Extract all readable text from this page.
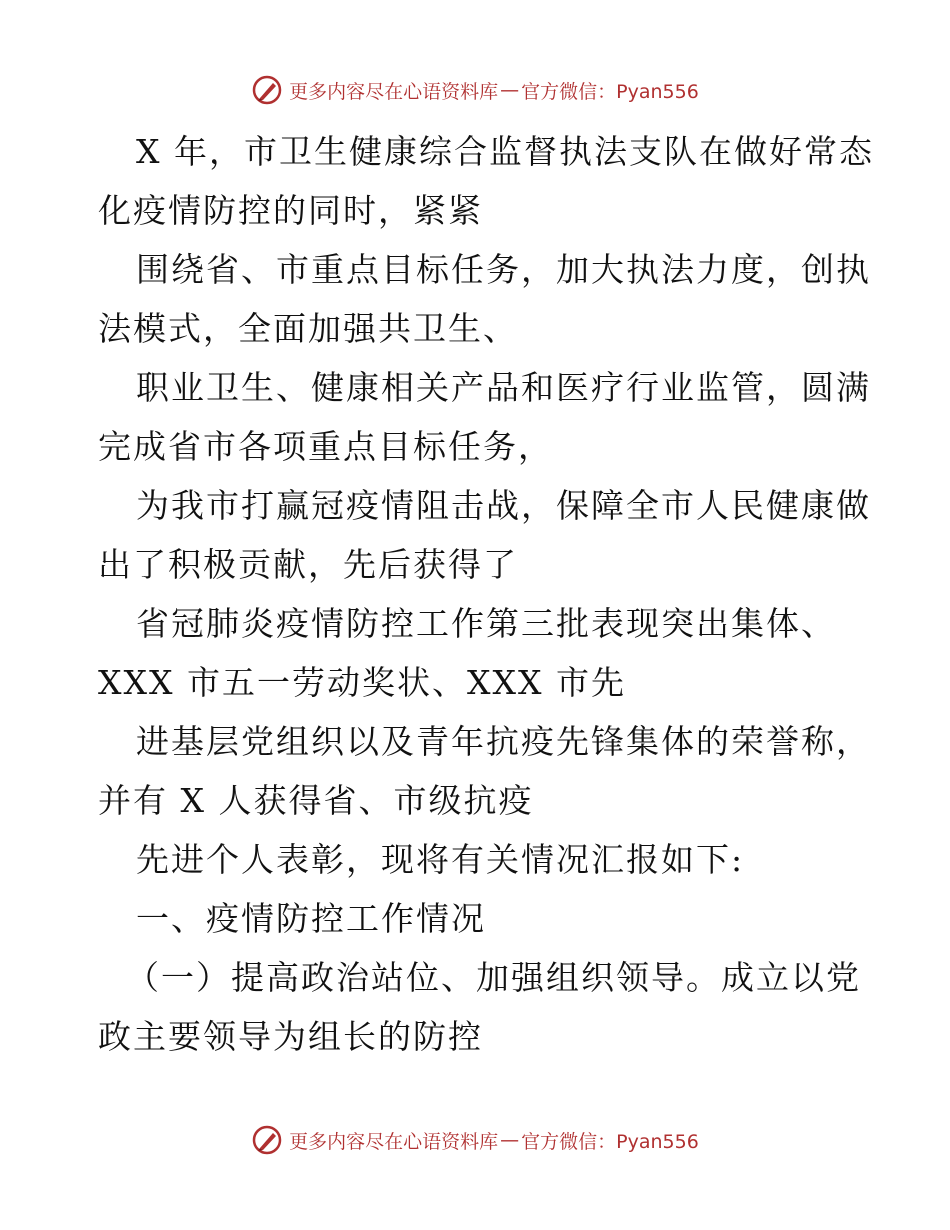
更多内容尽在心语资料库 — 官方微信：Pyan556

X 年，市卫生健康综合监督执法支队在做好常态

化疫情防控的同时，紧紧

围绕省、市重点目标任务，加大执法力度，创执

法模式，全面加强共卫生、

职业卫生、健康相关产品和医疗行业监管，圆满

完成省市各项重点目标任务，

为我市打赢冠疫情阻击战，保障全市人民健康做

出了积极贡献，先后获得了

省冠肺炎疫情防控工作第三批表现突出集体、

XXX 市五一劳动奖状、XXX 市先

进基层党组织以及青年抗疫先锋集体的荣誉称，

并有 X 人获得省、市级抗疫

先进个人表彰，现将有关情况汇报如下:

一、疫情防控工作情况

（一）提高政治站位、加强组织领导。成立以党

政主要领导为组长的防控

更多内容尽在心语资料库 — 官方微信：Pyan556
